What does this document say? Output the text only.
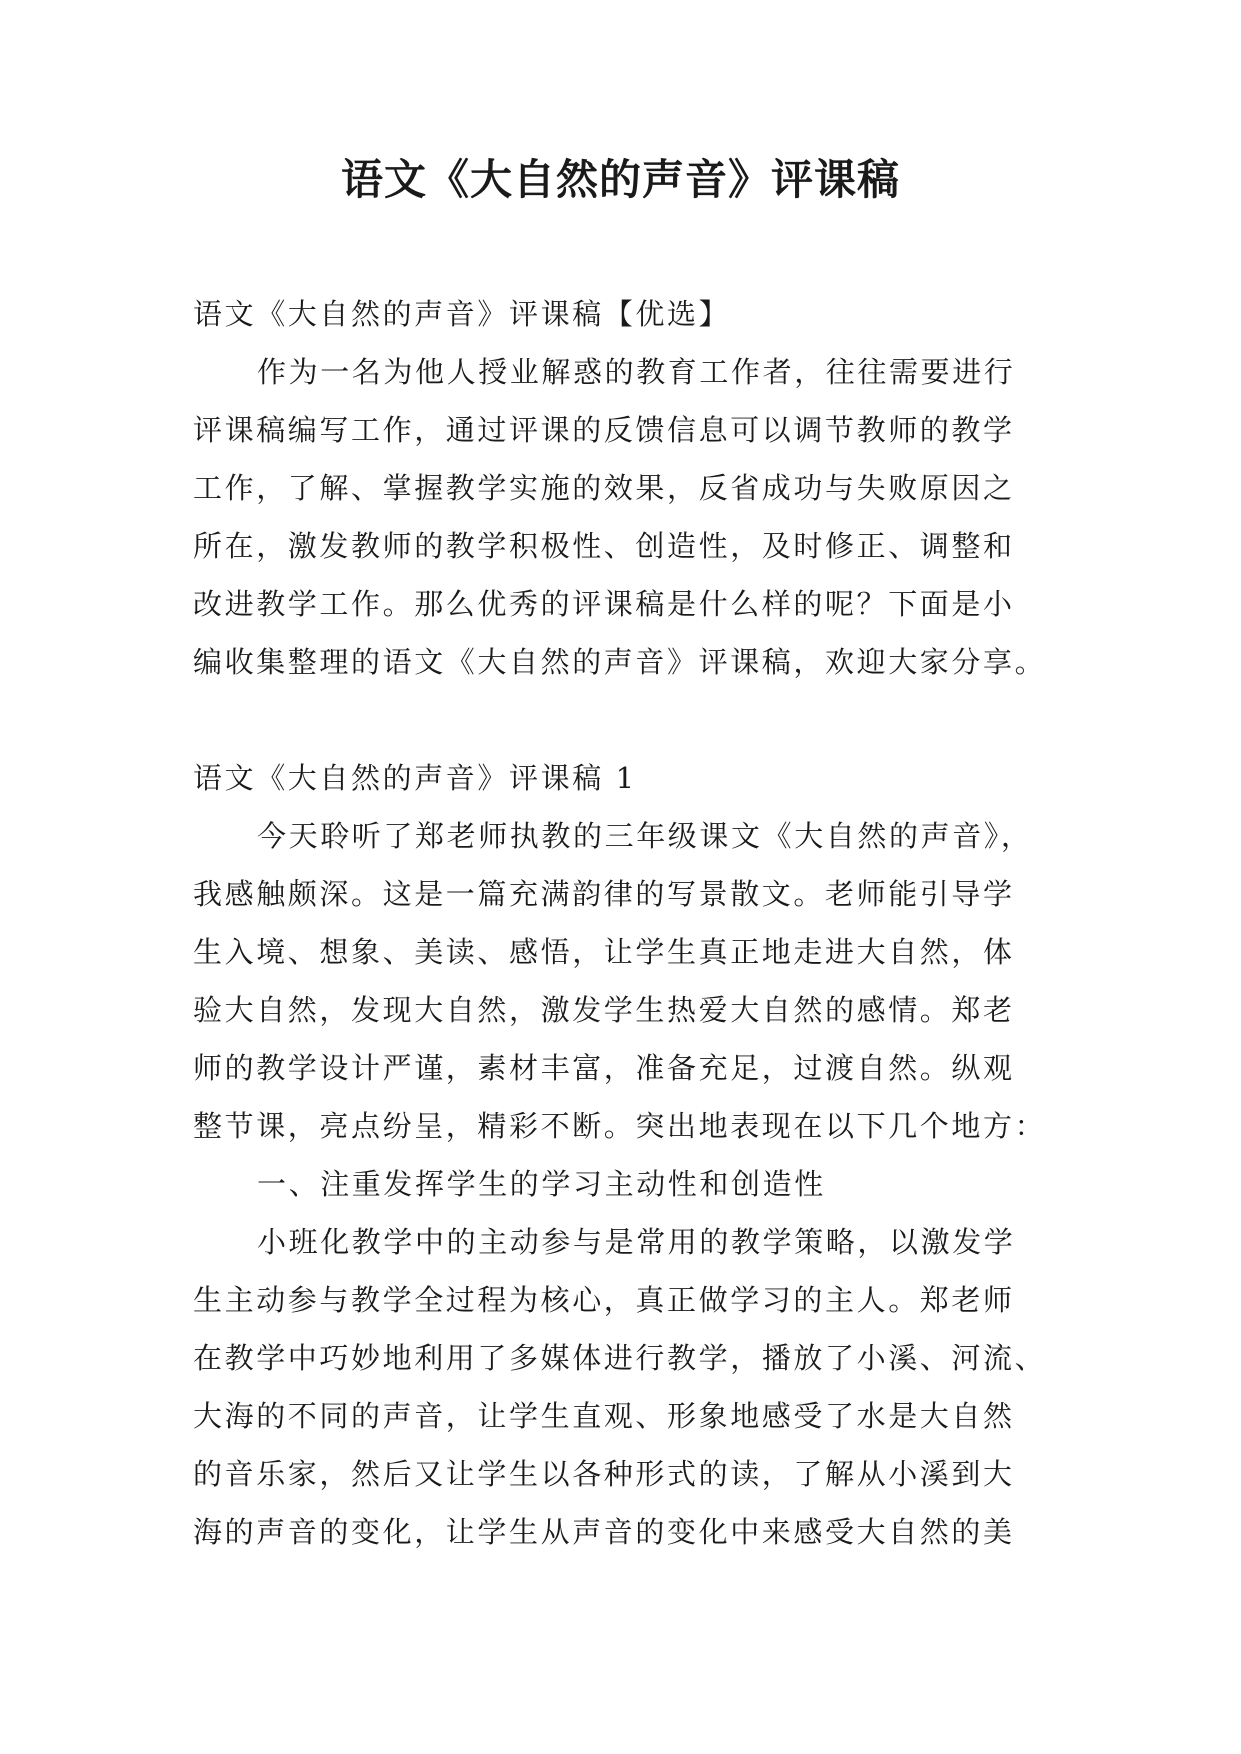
语文《大自然的声音》评课稿
语文《大自然的声音》评课稿【优选】
作为一名为他人授业解惑的教育工作者，往往需要进行
评课稿编写工作，通过评课的反馈信息可以调节教师的教学
工作，了解、掌握教学实施的效果，反省成功与失败原因之
所在，激发教师的教学积极性、创造性，及时修正、调整和
改进教学工作。那么优秀的评课稿是什么样的呢？下面是小
编收集整理的语文《大自然的声音》评课稿，欢迎大家分享。
语文《大自然的声音》评课稿 1
今天聆听了郑老师执教的三年级课文《大自然的声音》，
我感触颇深。这是一篇充满韵律的写景散文。老师能引导学
生入境、想象、美读、感悟，让学生真正地走进大自然，体
验大自然，发现大自然，激发学生热爱大自然的感情。郑老
师的教学设计严谨，素材丰富，准备充足，过渡自然。纵观
整节课，亮点纷呈，精彩不断。突出地表现在以下几个地方：
一、注重发挥学生的学习主动性和创造性
小班化教学中的主动参与是常用的教学策略，以激发学
生主动参与教学全过程为核心，真正做学习的主人。郑老师
在教学中巧妙地利用了多媒体进行教学，播放了小溪、河流、
大海的不同的声音，让学生直观、形象地感受了水是大自然
的音乐家，然后又让学生以各种形式的读，了解从小溪到大
海的声音的变化，让学生从声音的变化中来感受大自然的美
